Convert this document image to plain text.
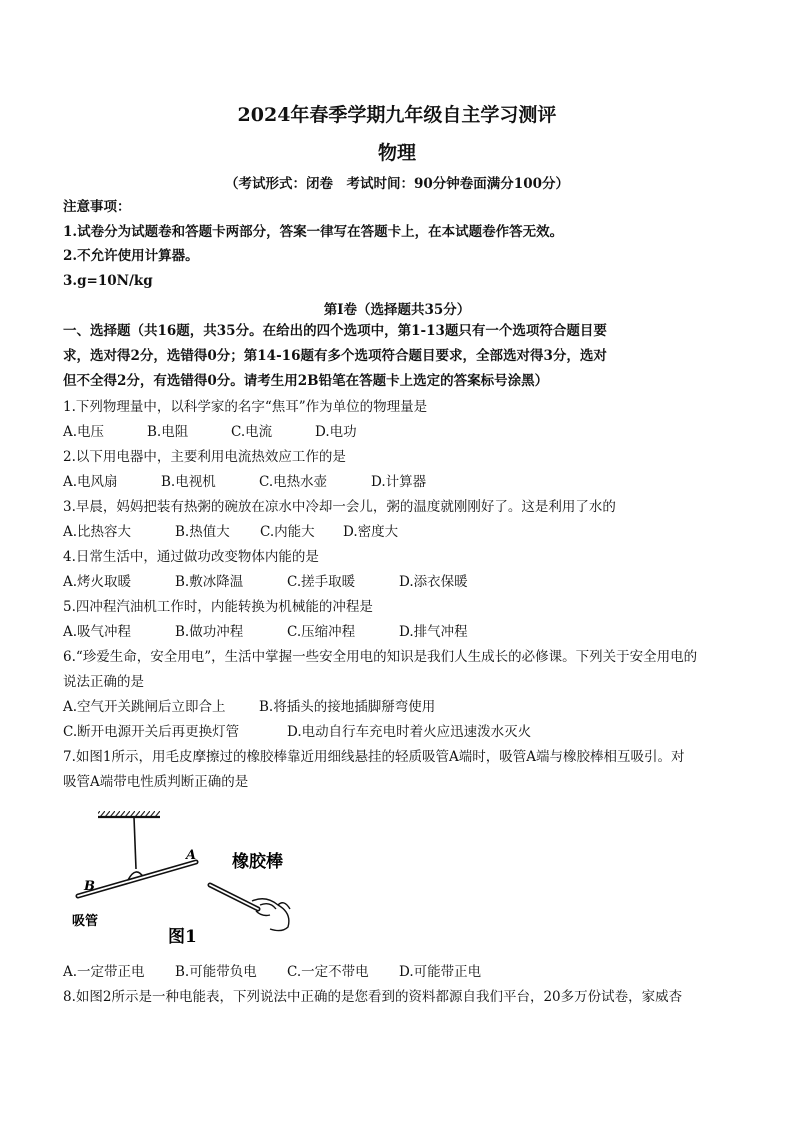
2024年春季学期九年级自主学习测评
物理
（考试形式：闭卷　考试时间：90分钟卷面满分100分）
注意事项：
1.试卷分为试题卷和答题卡两部分，答案一律写在答题卡上，在本试题卷作答无效。
2.不允许使用计算器。
3.g=10N/kg
第Ⅰ卷（选择题共35分）
一、选择题（共16题，共35分。在给出的四个选项中，第1-13题只有一个选项符合题目要
求，选对得2分，选错得0分；第14-16题有多个选项符合题目要求，全部选对得3分，选对
但不全得2分，有选错得0分。请考生用2B铅笔在答题卡上选定的答案标号涂黑）
1.下列物理量中，以科学家的名字“焦耳”作为单位的物理量是
A.电压	B.电阻	C.电流	D.电功
2.以下用电器中，主要利用电流热效应工作的是
A.电风扇	B.电视机	C.电热水壶	D.计算器
3.早晨，妈妈把装有热粥的碗放在凉水中冷却一会儿，粥的温度就刚刚好了。这是利用了水的
A.比热容大	B.热值大 C.内能大 D.密度大
4.日常生活中，通过做功改变物体内能的是
A.烤火取暖	B.敷冰降温	C.搓手取暖	D.添衣保暖
5.四冲程汽油机工作时，内能转换为机械能的冲程是
A.吸气冲程	B.做功冲程	C.压缩冲程	D.排气冲程
6.“珍爱生命，安全用电”，生活中掌握一些安全用电的知识是我们人生成长的必修课。下列关于安全用电的
说法正确的是
A.空气开关跳闸后立即合上 B.将插头的接地插脚掰弯使用
C.断开电源开关后再更换灯管	D.电动自行车充电时着火应迅速泼水灭火
7.如图1所示，用毛皮摩擦过的橡胶棒靠近用细线悬挂的轻质吸管A端时，吸管A端与橡胶棒相互吸引。对
吸管A端带电性质判断正确的是
B
A
吸管
橡胶棒
图1
A.一定带正电 B.可能带负电 C.一定不带电 D.可能带正电
8.如图2所示是一种电能表，下列说法中正确的是您看到的资料都源自我们平台，20多万份试卷，家威杏
